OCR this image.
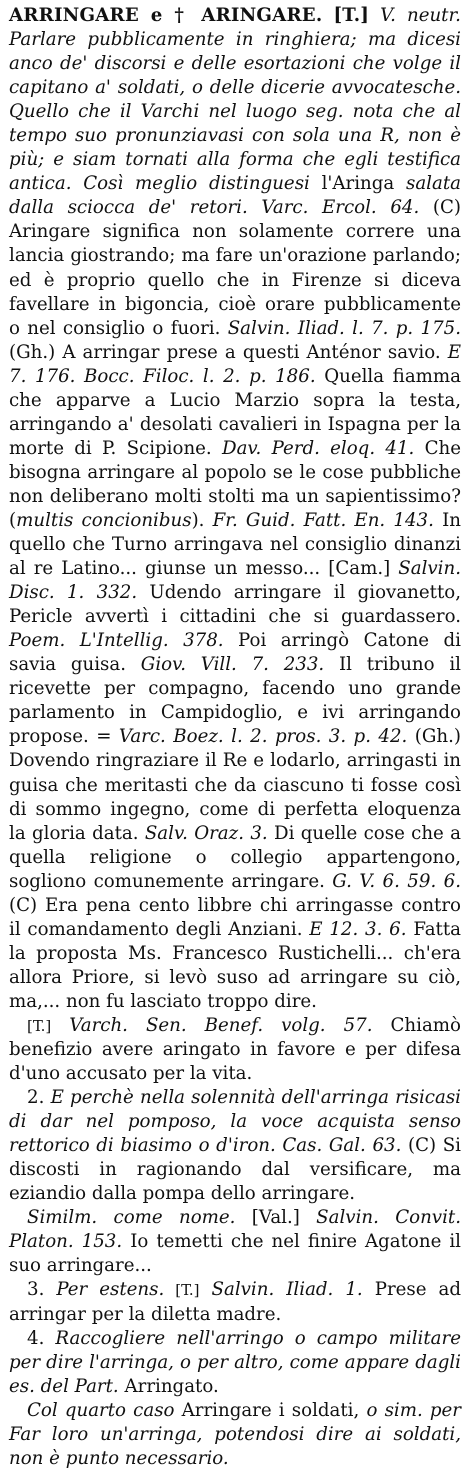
ARRINGARE e † ARINGARE. [T.] V. neutr. Parlare pubblicamente in ringhiera; ma dicesi anco de' discorsi e delle esortazioni che volge il capitano a' soldati, o delle dicerie avvocatesche. Quello che il Varchi nel luogo seg. nota che al tempo suo pronunziavasi con sola una R, non è più; e siam tornati alla forma che egli testifica antica. Così meglio distinguesi l'Aringa salata dalla sciocca de' retori. Varc. Ercol. 64. (C) Aringare significa non solamente correre una lancia giostrando; ma fare un'orazione parlando; ed è proprio quello che in Firenze si diceva favellare in bigoncia, cioè orare pubblicamente o nel consiglio o fuori. Salvin. Iliad. l. 7. p. 175. (Gh.) A arringar prese a questi Anténor savio. E 7. 176. Bocc. Filoc. l. 2. p. 186. Quella fiamma che apparve a Lucio Marzio sopra la testa, arringando a' desolati cavalieri in Ispagna per la morte di P. Scipione. Dav. Perd. eloq. 41. Che bisogna arringare al popolo se le cose pubbliche non deliberano molti stolti ma un sapientissimo? (multis concionibus). Fr. Guid. Fatt. En. 143. In quello che Turno arringava nel consiglio dinanzi al re Latino... giunse un messo... [Cam.] Salvin. Disc. 1. 332. Udendo arringare il giovanetto, Pericle avvertì i cittadini che si guardassero. Poem. L'Intellig. 378. Poi arringò Catone di savia guisa. Giov. Vill. 7. 233. Il tribuno il ricevette per compagno, facendo uno grande parlamento in Campidoglio, e ivi arringando propose. = Varc. Boez. l. 2. pros. 3. p. 42. (Gh.) Dovendo ringraziare il Re e lodarlo, arringasti in guisa che meritasti che da ciascuno ti fosse così di sommo ingegno, come di perfetta eloquenza la gloria data. Salv. Oraz. 3. Di quelle cose che a quella religione o collegio appartengono, sogliono comunemente arringare. G. V. 6. 59. 6. (C) Era pena cento libbre chi arringasse contro il comandamento degli Anziani. E 12. 3. 6. Fatta la proposta Ms. Francesco Rustichelli... ch'era allora Priore, si levò suso ad arringare su ciò, ma,... non fu lasciato troppo dire.

[T.] Varch. Sen. Benef. volg. 57. Chiamò benefizio avere aringato in favore e per difesa d'uno accusato per la vita.

2. E perchè nella solennità dell'arringa risicasi di dar nel pomposo, la voce acquista senso rettorico di biasimo o d'iron. Cas. Gal. 63. (C) Si discosti in ragionando dal versificare, ma eziandio dalla pompa dello arringare.

Similm. come nome. [Val.] Salvin. Convit. Platon. 153. Io temetti che nel finire Agatone il suo arringare...

3. Per estens. [T.] Salvin. Iliad. 1. Prese ad arringar per la diletta madre.

4. Raccogliere nell'arringo o campo militare per dire l'arringa, o per altro, come appare dagli es. del Part. Arringato.

Col quarto caso Arringare i soldati, o sim. per Far loro un'arringa, potendosi dire ai soldati, non è punto necessario.
